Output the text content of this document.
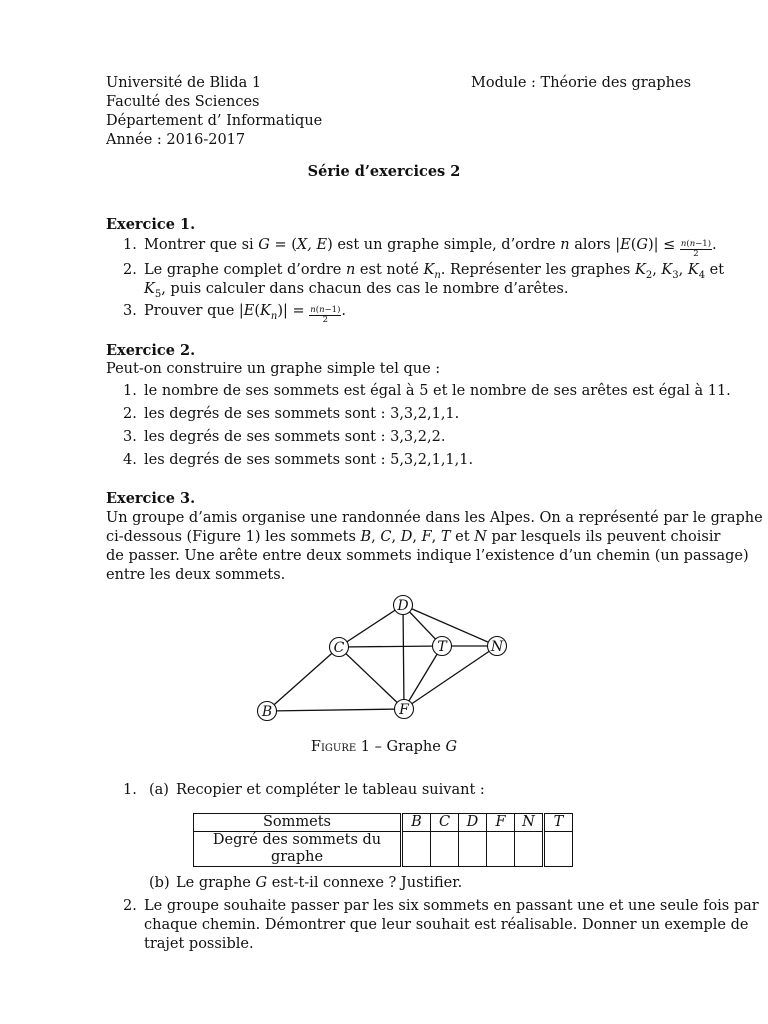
Université de Blida 1
Faculté des Sciences
Département d’ Informatique
Année : 2016-2017
Module : Théorie des graphes
Série d’exercices 2
Exercice 1.
1. Montrer que si G = (X, E) est un graphe simple, d’ordre n alors $|E(G)| \le \frac{n(n-1)}{2}$ .
2. Le graphe complet d’ordre n est noté $K_n$. Représenter les graphes $K_2$, $K_3$, $K_4$ et
$K_5$, puis calculer dans chacun des cas le nombre d’arêtes.
3. Prouver que $|E(K_n)| = \frac{n(n-1)}{2}$ .
Exercice 2.
Peut-on construire un graphe simple tel que :
1. le nombre de ses sommets est égal à 5 et le nombre de ses arêtes est égal à 11.
2. les degrés de ses sommets sont : 3,3,2,1,1.
3. les degrés de ses sommets sont : 3,3,2,2.
4. les degrés de ses sommets sont : 5,3,2,1,1,1.
Exercice 3.
Un groupe d’amis organise une randonnée dans les Alpes. On a représenté par le graphe
ci-dessous (Figure 1) les sommets B, C, D, F, T et N par lesquels ils peuvent choisir
de passer. Une arête entre deux sommets indique l’existence d’un chemin (un passage)
entre les deux sommets.
D
C	T	N
B	F
Figure 1 – Graphe G
1. (a) Recopier et compléter le tableau suivant :
Sommets	B	C	D	F	N	T
Degré des sommets du graphe						
(b) Le graphe G est-t-il connexe ? Justifier.
2. Le groupe souhaite passer par les six sommets en passant une et une seule fois par
chaque chemin. Démontrer que leur souhait est réalisable. Donner un exemple de
trajet possible.
